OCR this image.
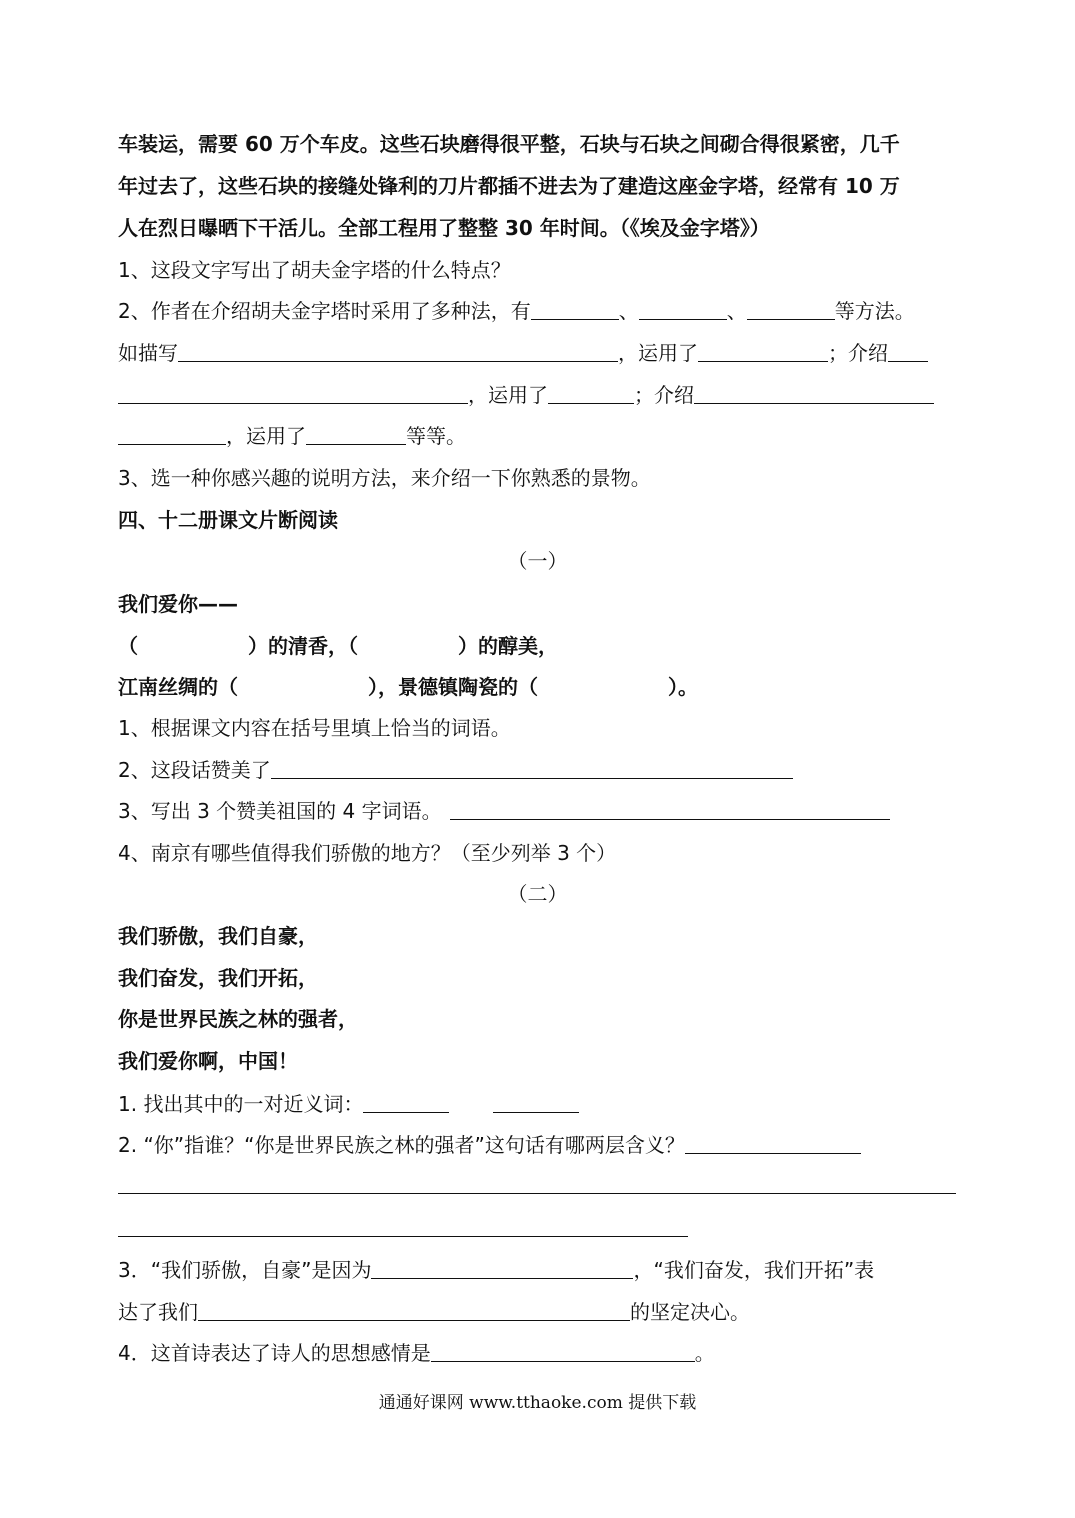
车装运，需要 60 万个车皮。这些石块磨得很平整，石块与石块之间砌合得很紧密，几千
年过去了，这些石块的接缝处锋利的刀片都插不进去为了建造这座金字塔，经常有 10 万
人在烈日曝晒下干活儿。全部工程用了整整 30 年时间。（《埃及金字塔》）
1、这段文字写出了胡夫金字塔的什么特点？
2、作者在介绍胡夫金字塔时采用了多种法，有	、	、	等方法。
如描写	，运用了	；介绍
，运用了	；介绍
，运用了	等等。
3、选一种你感兴趣的说明方法，来介绍一下你熟悉的景物。
四、十二册课文片断阅读
（一）
我们爱你——
（	）的清香，（	）的醇美，
江南丝绸的（	），景德镇陶瓷的（	）。
1、根据课文内容在括号里填上恰当的词语。
2、这段话赞美了
3、写出 3 个赞美祖国的 4 字词语。
4、南京有哪些值得我们骄傲的地方？（至少列举 3 个）
（二）
我们骄傲，我们自豪，
我们奋发，我们开拓，
你是世界民族之林的强者，
我们爱你啊，中国！
1. 找出其中的一对近义词：
2. “你”指谁？“你是世界民族之林的强者”这句话有哪两层含义？
3．“我们骄傲，自豪”是因为	，“我们奋发，我们开拓”表
达了我们	的坚定决心。
4．这首诗表达了诗人的思想感情是	。
通通好课网 www.tthaoke.com 提供下载
